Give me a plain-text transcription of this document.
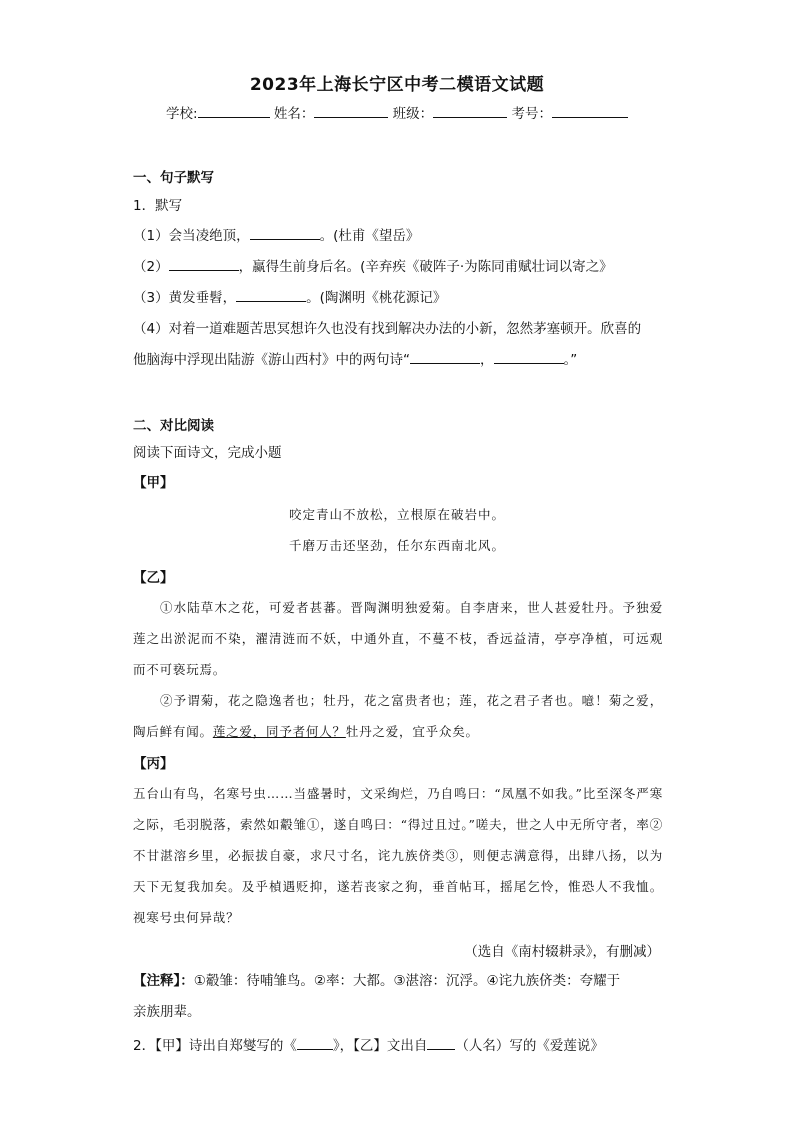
2023年上海长宁区中考二模语文试题
学校:	姓名：	班级：	考号：
一、句子默写
1．默写
（1）会当凌绝顶，	。(杜甫《望岳》
（2）	，赢得生前身后名。(辛弃疾《破阵子·为陈同甫赋壮词以寄之》
（3）黄发垂髫，	。(陶渊明《桃花源记》
（4）对着一道难题苦思冥想许久也没有找到解决办法的小新，忽然茅塞顿开。欣喜的
他脑海中浮现出陆游《游山西村》中的两句诗“	，	。”
二、对比阅读
阅读下面诗文，完成小题
【甲】
咬定青山不放松，立根原在破岩中。
千磨万击还坚劲，任尔东西南北风。
【乙】

①水陆草木之花，可爱者甚蕃。晋陶渊明独爱菊。自李唐来，世人甚爱牡丹。予独爱莲之出淤泥而不染，濯清涟而不妖，中通外直，不蔓不枝，香远益清，亭亭净植，可远观而不可亵玩焉。

②予谓菊，花之隐逸者也；牡丹，花之富贵者也；莲，花之君子者也。噫！菊之爱，陶后鲜有闻。莲之爱，同予者何人？牡丹之爱，宜乎众矣。

【丙】

五台山有鸟，名寒号虫……当盛暑时，文采绚烂，乃自鸣曰：“凤凰不如我。”比至深冬严寒之际，毛羽脱落，索然如觳雏①，遂自鸣曰：“得过且过。”嗟夫，世之人中无所守者，率②不甘湛溶乡里，必振拔自豪，求尺寸名，诧九族侪类③，则便志满意得，出肆八扬，以为天下无复我加矣。及乎楨遇贬抑，遂若丧家之狗，垂首帖耳，摇尾乞怜，惟恐人不我恤。视寒号虫何异哉？

（选自《南村辍耕录》，有删减）

【注释】：①觳雏：待哺雏鸟。②率：大都。③湛溶：沉浮。④诧九族侪类：夸耀于

亲族朋辈。

2．【甲】诗出自郑燮写的《	》，【乙】文出自 （人名）写的《爱莲说》
